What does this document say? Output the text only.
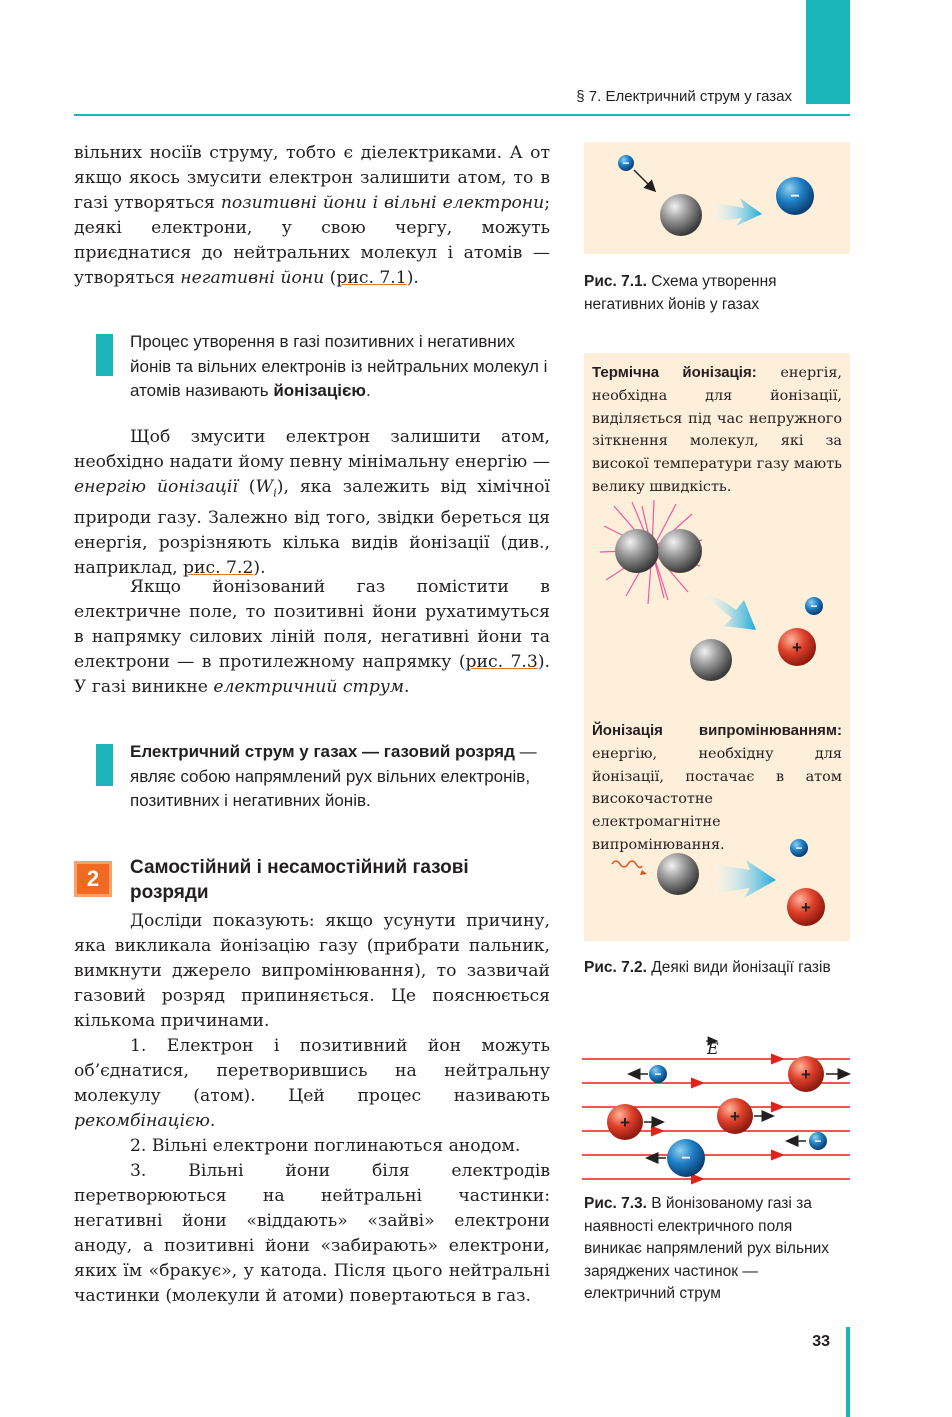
§ 7. Електричний струм у газах
вільних носіїв струму, тобто є діелектриками. А от якщо якось змусити електрон залишити атом, то в газі утворяться позитивні йони і вільні електрони; деякі електрони, у свою чергу, можуть приєднатися до нейтральних молекул і атомів — утворяться негативні йони (рис. 7.1).
Процес утворення в газі позитивних і негативних йонів та вільних електронів із нейтральних молекул і атомів називають йонізацією.
Щоб змусити електрон залишити атом, необхідно надати йому певну мінімальну енергію — енергію йонізації $(W_i)$, яка залежить від хімічної природи газу. Залежно від того, звідки береться ця енергія, розрізняють кілька видів йонізації (див., наприклад, рис. 7.2).
Якщо йонізований газ помістити в електричне поле, то позитивні йони рухатимуться в напрямку силових ліній поля, негативні йони та електрони — в протилежному напрямку (рис. 7.3). У газі виникне електричний струм.
Електричний струм у газах — газовий розряд — являє собою напрямлений рух вільних електронів, позитивних і негативних йонів.
2	Самостійний і несамостійний газові розряди
Досліди показують: якщо усунути причину, яка викликала йонізацію газу (прибрати пальник, вимкнути джерело випромінювання), то зазвичай газовий розряд припиняється. Це пояснюється кількома причинами.
1. Електрон і позитивний йон можуть об’єднатися, перетворившись на нейтральну молекулу (атом). Цей процес називають рекомбінацією.
2. Вільні електрони поглинаються анодом.
3. Вільні йони біля електродів перетворюються на нейтральні частинки: негативні йони «віддають» «зайві» електрони аноду, а позитивні йони «забирають» електрони, яких їм «бракує», у катода. Після цього нейтральні частинки (молекули й атоми) повертаються в газ.
−
−
Рис. 7.1. Схема утворення негативних йонів у газах
Термічна йонізація: енергія, необхідна для йонізації, виділяється під час непружного зіткнення молекул, які за високої температури газу мають велику швидкість.
−
+
Йонізація випромінюванням: енергію, необхідну для йонізації, постачає в атом високочастотне електромагнітне випромінювання.	−
+
Рис. 7.2. Деякі види йонізації газів
E
−	+
+
+
−
−
Рис. 7.3. В йонізованому газі за наявності електричного поля виникає напрямлений рух вільних заряджених частинок — електричний струм
33
